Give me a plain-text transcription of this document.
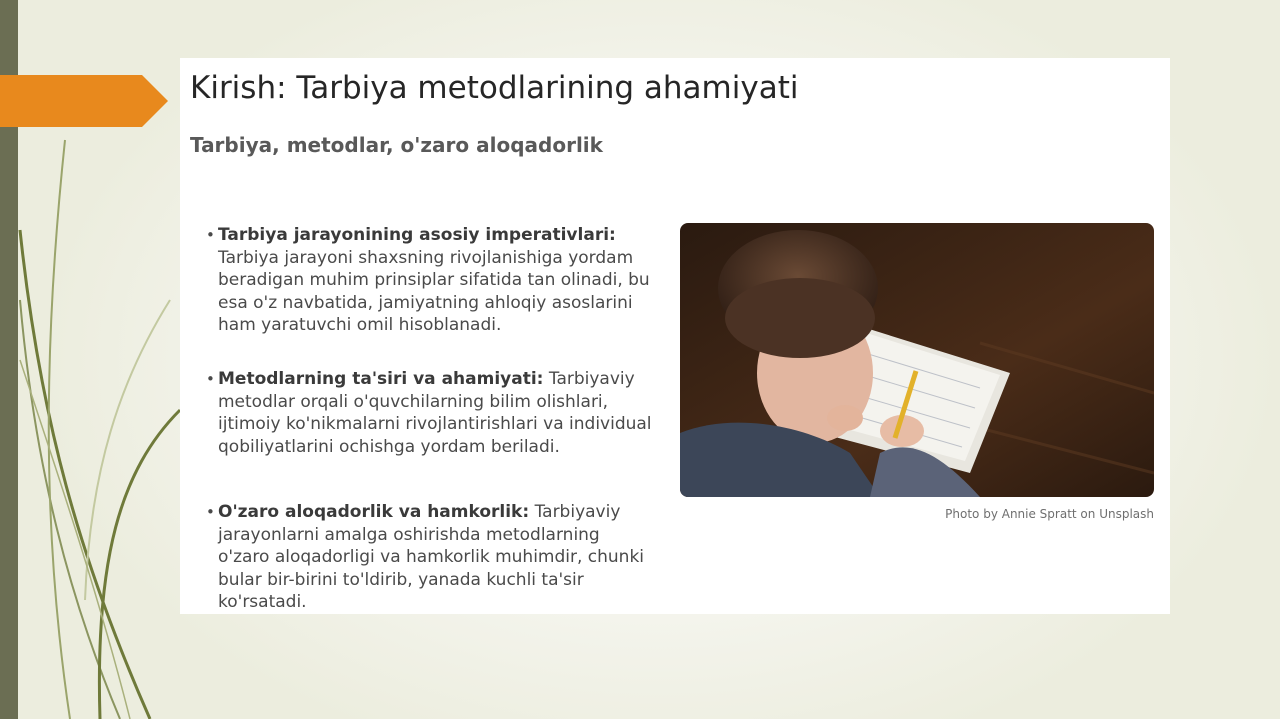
Kirish: Tarbiya metodlarining ahamiyati
Tarbiya, metodlar, o'zaro aloqadorlik
• Tarbiya jarayonining asosiy imperativlari: Tarbiya jarayoni shaxsning rivojlanishiga yordam beradigan muhim prinsiplar sifatida tan olinadi, bu esa o'z navbatida, jamiyatning ahloqiy asoslarini ham yaratuvchi omil hisoblanadi.
• Metodlarning ta'siri va ahamiyati: Tarbiyaviy metodlar orqali o'quvchilarning bilim olishlari, ijtimoiy ko'nikmalarni rivojlantirishlari va individual qobiliyatlarini ochishga yordam beriladi.
• O'zaro aloqadorlik va hamkorlik: Tarbiyaviy jarayonlarni amalga oshirishda metodlarning o'zaro aloqadorligi va hamkorlik muhimdir, chunki bular bir-birini to'ldirib, yanada kuchli ta'sir ko'rsatadi.
Photo by Annie Spratt on Unsplash
